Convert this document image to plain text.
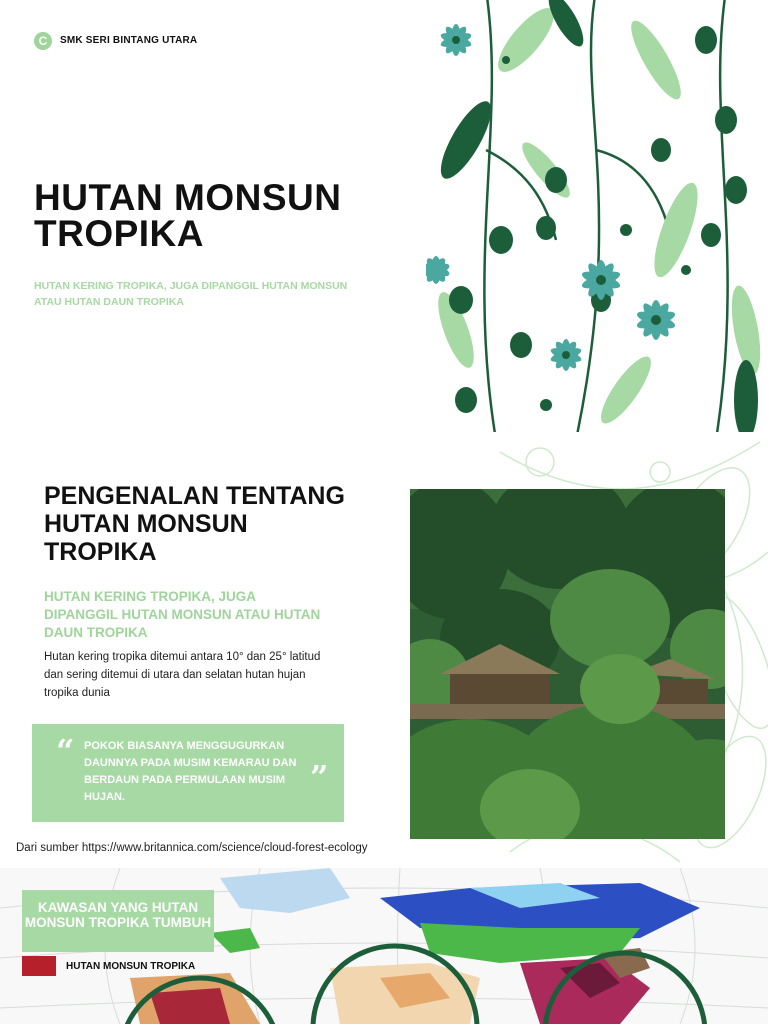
C	SMK SERI BINTANG UTARA
HUTAN MONSUN TROPIKA
HUTAN KERING TROPIKA, JUGA DIPANGGIL HUTAN MONSUN ATAU HUTAN DAUN TROPIKA
PENGENALAN TENTANG HUTAN MONSUN TROPIKA
HUTAN KERING TROPIKA, JUGA DIPANGGIL HUTAN MONSUN ATAU HUTAN DAUN TROPIKA
Hutan kering tropika ditemui antara 10° dan 25° latitud dan sering ditemui di utara dan selatan hutan hujan tropika dunia
“ POKOK BIASANYA MENGGUGURKAN DAUNNYA PADA MUSIM KEMARAU DAN BERDAUN PADA PERMULAAN MUSIM HUJAN.
”
Dari sumber https://www.britannica.com/science/cloud-forest-ecology
KAWASAN YANG HUTAN MONSUN TROPIKA TUMBUH
HUTAN MONSUN TROPIKA
